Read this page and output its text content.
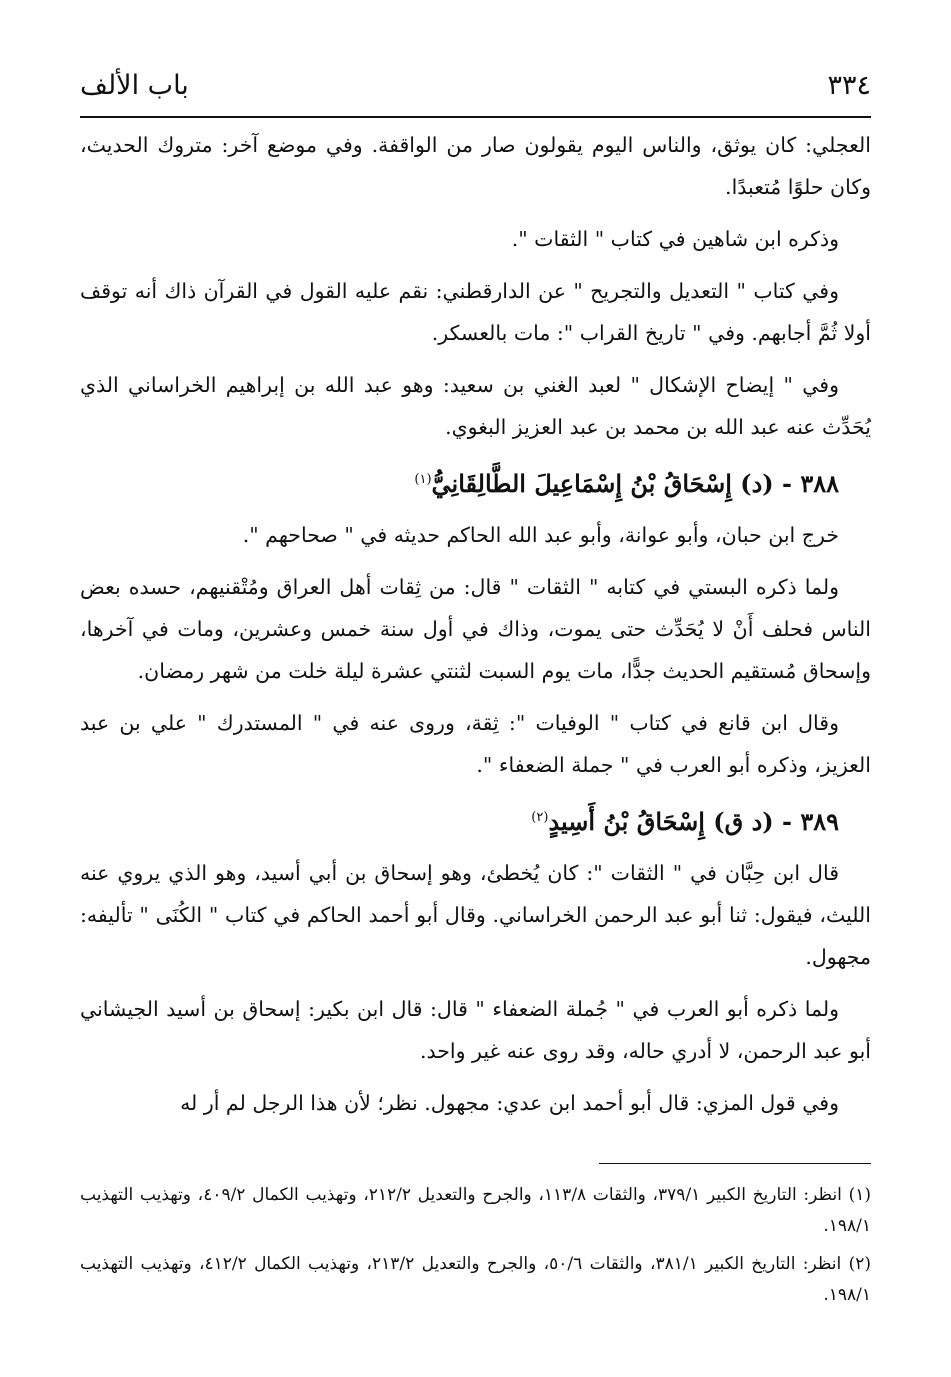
٣٣٤
باب الألف

العجلي: كان يوثق، والناس اليوم يقولون صار من الواقفة. وفي موضع آخر: متروك الحديث، وكان حلوًا مُتعبدًا.

وذكره ابن شاهين في كتاب " الثقات ".

وفي كتاب " التعديل والتجريح " عن الدارقطني: نقم عليه القول في القرآن ذاك أنه توقف أولا ثُمَّ أجابهم. وفي " تاريخ القراب ": مات بالعسكر.

وفي " إيضاح الإشكال " لعبد الغني بن سعيد: وهو عبد الله بن إبراهيم الخراساني الذي يُحَدِّث عنه عبد الله بن محمد بن عبد العزيز البغوي.

٣٨٨ - (د) إِسْحَاقُ بْنُ إِسْمَاعِيلَ الطَّالِقَانِيُّ$^{(١)}$

خرج ابن حبان، وأبو عوانة، وأبو عبد الله الحاكم حديثه في " صحاحهم ".

ولما ذكره البستي في كتابه " الثقات " قال: من ثِقات أهل العراق ومُتْقنيهم، حسده بعض الناس فحلف أَنْ لا يُحَدِّث حتى يموت، وذاك في أول سنة خمس وعشرين، ومات في آخرها، وإسحاق مُستقيم الحديث جدًّا، مات يوم السبت لثنتي عشرة ليلة خلت من شهر رمضان.

وقال ابن قانع في كتاب " الوفيات ": ثِقة، وروى عنه في " المستدرك " علي بن عبد العزيز، وذكره أبو العرب في " جملة الضعفاء ".

٣٨٩ - (د ق) إِسْحَاقُ بْنُ أَسِيدٍ$^{(٢)}$

قال ابن حِبَّان في " الثقات ": كان يُخطئ، وهو إسحاق بن أبي أسيد، وهو الذي يروي عنه الليث، فيقول: ثنا أبو عبد الرحمن الخراساني. وقال أبو أحمد الحاكم في كتاب " الكُنَى " تأليفه: مجهول.

ولما ذكره أبو العرب في " جُملة الضعفاء " قال: قال ابن بكير: إسحاق بن أسيد الجيشاني أبو عبد الرحمن، لا أدري حاله، وقد روى عنه غير واحد.

وفي قول المزي: قال أبو أحمد ابن عدي: مجهول. نظر؛ لأن هذا الرجل لم أر له

(١) انظر: التاريخ الكبير ٣٧٩/١، والثقات ١١٣/٨، والجرح والتعديل ٢١٢/٢، وتهذيب الكمال ٤٠٩/٢، وتهذيب التهذيب ١٩٨/١.

(٢) انظر: التاريخ الكبير ٣٨١/١، والثقات ٥٠/٦، والجرح والتعديل ٢١٣/٢، وتهذيب الكمال ٤١٢/٢، وتهذيب التهذيب ١٩٨/١.
